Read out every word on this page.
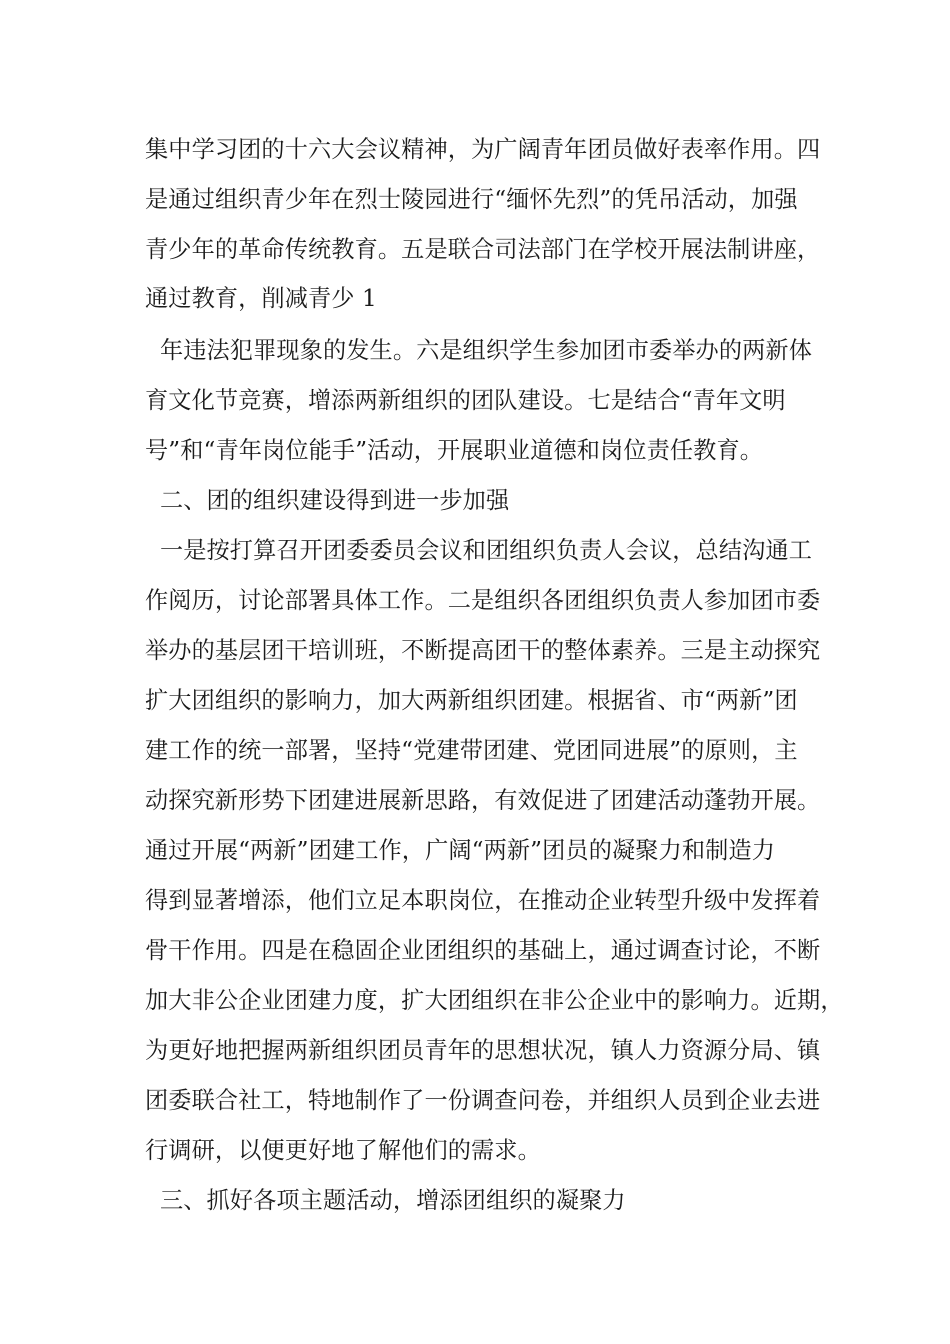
集中学习团的十六大会议精神，为广阔青年团员做好表率作用。四
是通过组织青少年在烈士陵园进行“缅怀先烈”的凭吊活动，加强
青少年的革命传统教育。五是联合司法部门在学校开展法制讲座，
通过教育，削减青少 1
年违法犯罪现象的发生。六是组织学生参加团市委举办的两新体
育文化节竞赛，增添两新组织的团队建设。七是结合“青年文明
号”和“青年岗位能手”活动，开展职业道德和岗位责任教育。
二、团的组织建设得到进一步加强
一是按打算召开团委委员会议和团组织负责人会议，总结沟通工
作阅历，讨论部署具体工作。二是组织各团组织负责人参加团市委
举办的基层团干培训班，不断提高团干的整体素养。三是主动探究
扩大团组织的影响力，加大两新组织团建。根据省、市“两新”团
建工作的统一部署，坚持“党建带团建、党团同进展”的原则，主
动探究新形势下团建进展新思路，有效促进了团建活动蓬勃开展。
通过开展“两新”团建工作，广阔“两新”团员的凝聚力和制造力
得到显著增添，他们立足本职岗位，在推动企业转型升级中发挥着
骨干作用。四是在稳固企业团组织的基础上，通过调查讨论，不断
加大非公企业团建力度，扩大团组织在非公企业中的影响力。近期，
为更好地把握两新组织团员青年的思想状况，镇人力资源分局、镇
团委联合社工，特地制作了一份调查问卷，并组织人员到企业去进
行调研，以便更好地了解他们的需求。
三、抓好各项主题活动，增添团组织的凝聚力
